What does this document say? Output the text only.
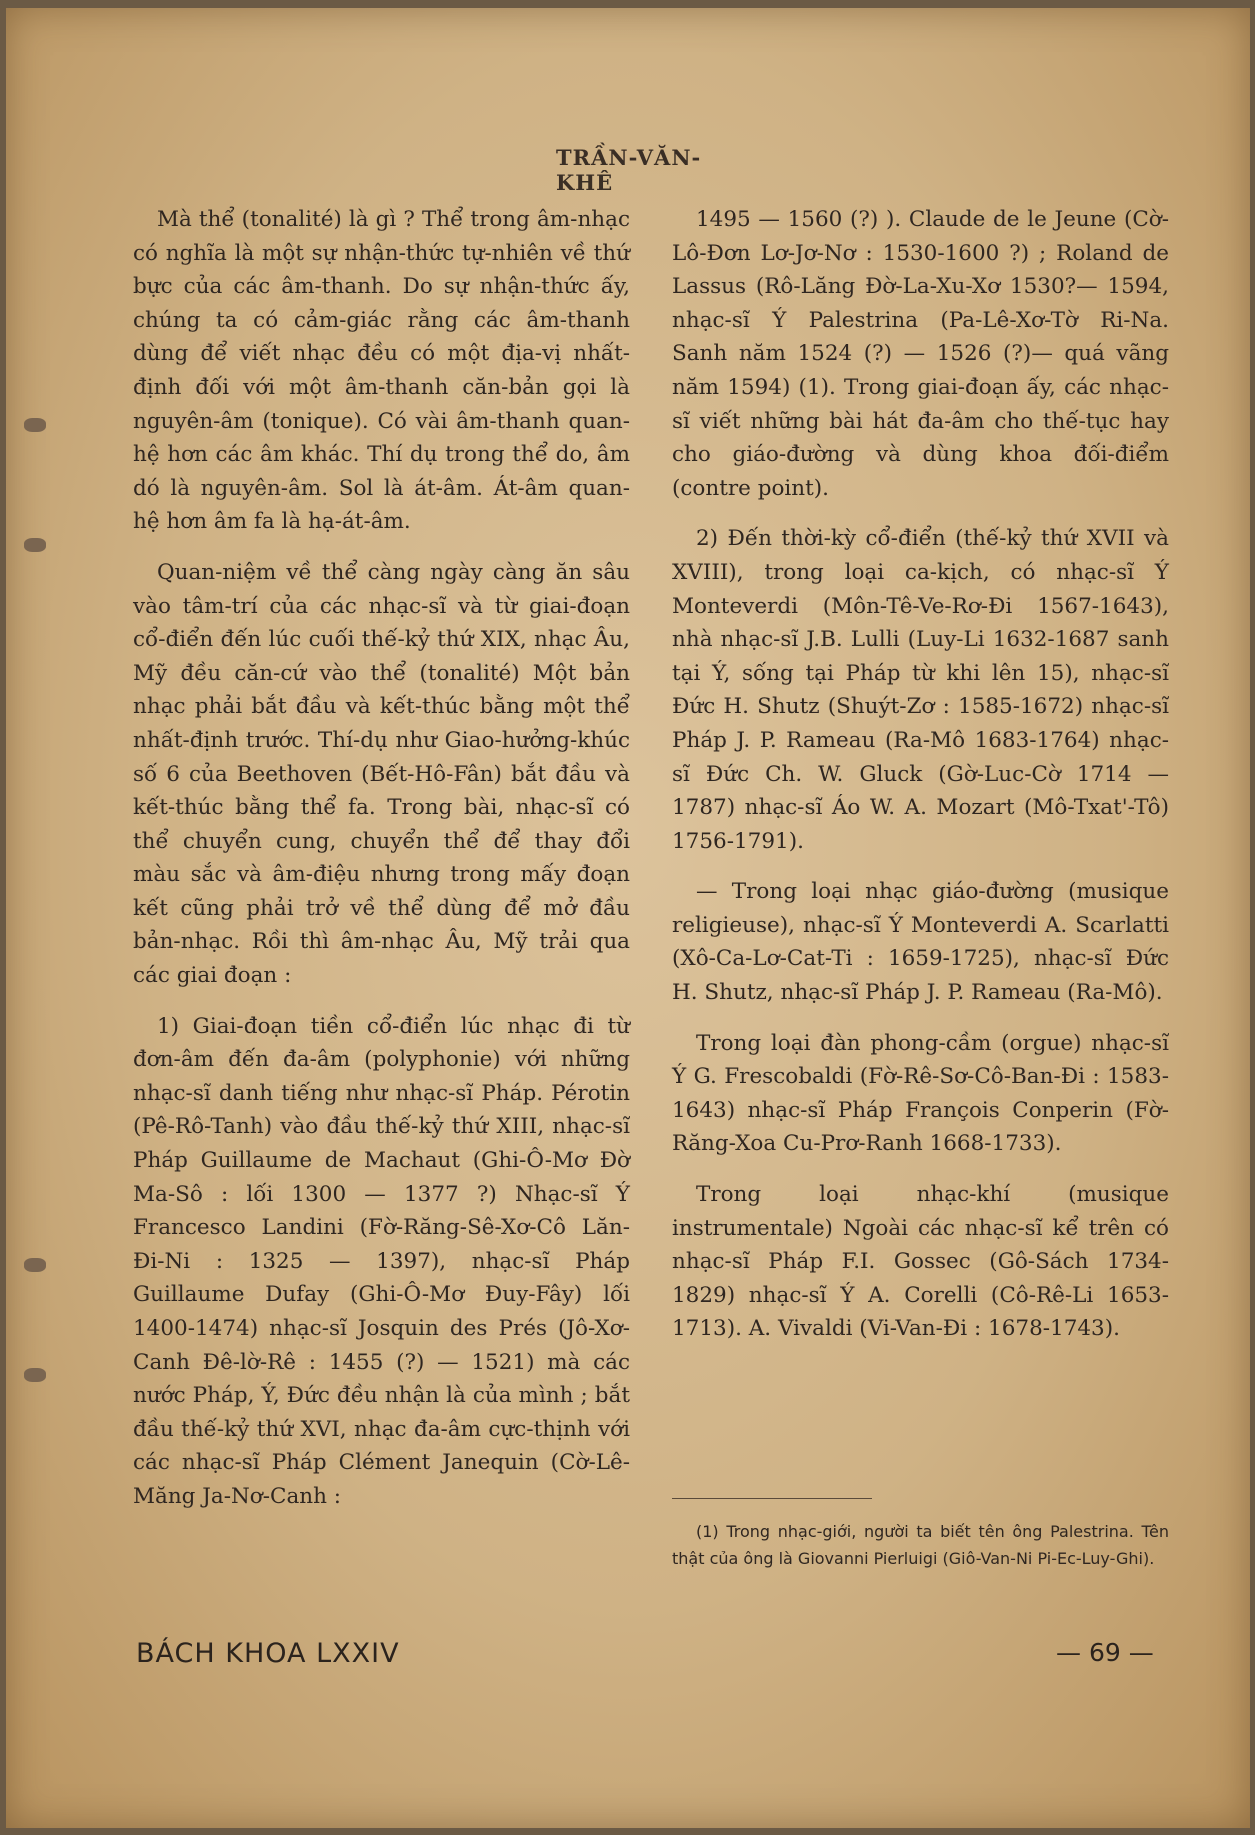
TRẦN-VĂN-KHÊ

Mà thể (tonalité) là gì ? Thể trong âm-nhạc có nghĩa là một sự nhận-thức tự-nhiên về thứ bực của các âm-thanh. Do sự nhận-thức ấy, chúng ta có cảm-giác rằng các âm-thanh dùng để viết nhạc đều có một địa-vị nhất-định đối với một âm-thanh căn-bản gọi là nguyên-âm (tonique). Có vài âm-thanh quan-hệ hơn các âm khác. Thí dụ trong thể do, âm dó là nguyên-âm. Sol là át-âm. Át-âm quan-hệ hơn âm fa là hạ-át-âm.

Quan-niệm về thể càng ngày càng ăn sâu vào tâm-trí của các nhạc-sĩ và từ giai-đoạn cổ-điển đến lúc cuối thế-kỷ thứ XIX, nhạc Âu, Mỹ đều căn-cứ vào thể (tonalité) Một bản nhạc phải bắt đầu và kết-thúc bằng một thể nhất-định trước. Thí-dụ như Giao-hưởng-khúc số 6 của Beethoven (Bết-Hô-Fân) bắt đầu và kết-thúc bằng thể fa. Trong bài, nhạc-sĩ có thể chuyển cung, chuyển thể để thay đổi màu sắc và âm-điệu nhưng trong mấy đoạn kết cũng phải trở về thể dùng để mở đầu bản-nhạc. Rồi thì âm-nhạc Âu, Mỹ trải qua các giai đoạn :

1) Giai-đoạn tiền cổ-điển lúc nhạc đi từ đơn-âm đến đa-âm (polyphonie) với những nhạc-sĩ danh tiếng như nhạc-sĩ Pháp. Pérotin (Pê-Rô-Tanh) vào đầu thế-kỷ thứ XIII, nhạc-sĩ Pháp Guillaume de Machaut (Ghi-Ô-Mơ Đờ Ma-Sô : lối 1300 — 1377 ?) Nhạc-sĩ Ý Francesco Landini (Fờ-Răng-Sê-Xơ-Cô Lăn-Đi-Ni : 1325 — 1397), nhạc-sĩ Pháp Guillaume Dufay (Ghi-Ô-Mơ Đuy-Fây) lối 1400-1474) nhạc-sĩ Josquin des Prés (Jô-Xơ-Canh Đê-lờ-Rê : 1455 (?) — 1521) mà các nước Pháp, Ý, Đức đều nhận là của mình ; bắt đầu thế-kỷ thứ XVI, nhạc đa-âm cực-thịnh với các nhạc-sĩ Pháp Clément Janequin (Cờ-Lê-Măng Ja-Nơ-Canh :

1495 — 1560 (?) ). Claude de le Jeune (Cờ-Lô-Đơn Lơ-Jơ-Nơ : 1530-1600 ?) ; Roland de Lassus (Rô-Lăng Đờ-La-Xu-Xơ 1530?— 1594, nhạc-sĩ Ý Palestrina (Pa-Lê-Xơ-Tờ Ri-Na. Sanh năm 1524 (?) — 1526 (?)— quá vãng năm 1594) (1). Trong giai-đoạn ấy, các nhạc-sĩ viết những bài hát đa-âm cho thế-tục hay cho giáo-đường và dùng khoa đối-điểm (contre point).

2) Đến thời-kỳ cổ-điển (thế-kỷ thứ XVII và XVIII), trong loại ca-kịch, có nhạc-sĩ Ý Monteverdi (Môn-Tê-Ve-Rơ-Đi 1567-1643), nhà nhạc-sĩ J.B. Lulli (Luy-Li 1632-1687 sanh tại Ý, sống tại Pháp từ khi lên 15), nhạc-sĩ Đức H. Shutz (Shuýt-Zơ : 1585-1672) nhạc-sĩ Pháp J. P. Rameau (Ra-Mô 1683-1764) nhạc-sĩ Đức Ch. W. Gluck (Gờ-Luc-Cờ 1714 — 1787) nhạc-sĩ Áo W. A. Mozart (Mô-Txat'-Tô) 1756-1791).

— Trong loại nhạc giáo-đường (musique religieuse), nhạc-sĩ Ý Monteverdi A. Scarlatti (Xô-Ca-Lơ-Cat-Ti : 1659-1725), nhạc-sĩ Đức H. Shutz, nhạc-sĩ Pháp J. P. Rameau (Ra-Mô).

Trong loại đàn phong-cầm (orgue) nhạc-sĩ Ý G. Frescobaldi (Fờ-Rê-Sơ-Cô-Ban-Đi : 1583-1643) nhạc-sĩ Pháp François Conperin (Fờ-Răng-Xoa Cu-Prơ-Ranh 1668-1733).

Trong loại nhạc-khí (musique instrumentale) Ngoài các nhạc-sĩ kể trên có nhạc-sĩ Pháp F.I. Gossec (Gô-Sách 1734-1829) nhạc-sĩ Ý A. Corelli (Cô-Rê-Li 1653-1713). A. Vivaldi (Vi-Van-Đi : 1678-1743).

(1) Trong nhạc-giới, người ta biết tên ông Palestrina. Tên thật của ông là Giovanni Pierluigi (Giô-Van-Ni Pi-Ec-Luy-Ghi).
BÁCH KHOA LXXIV	— 69 —
